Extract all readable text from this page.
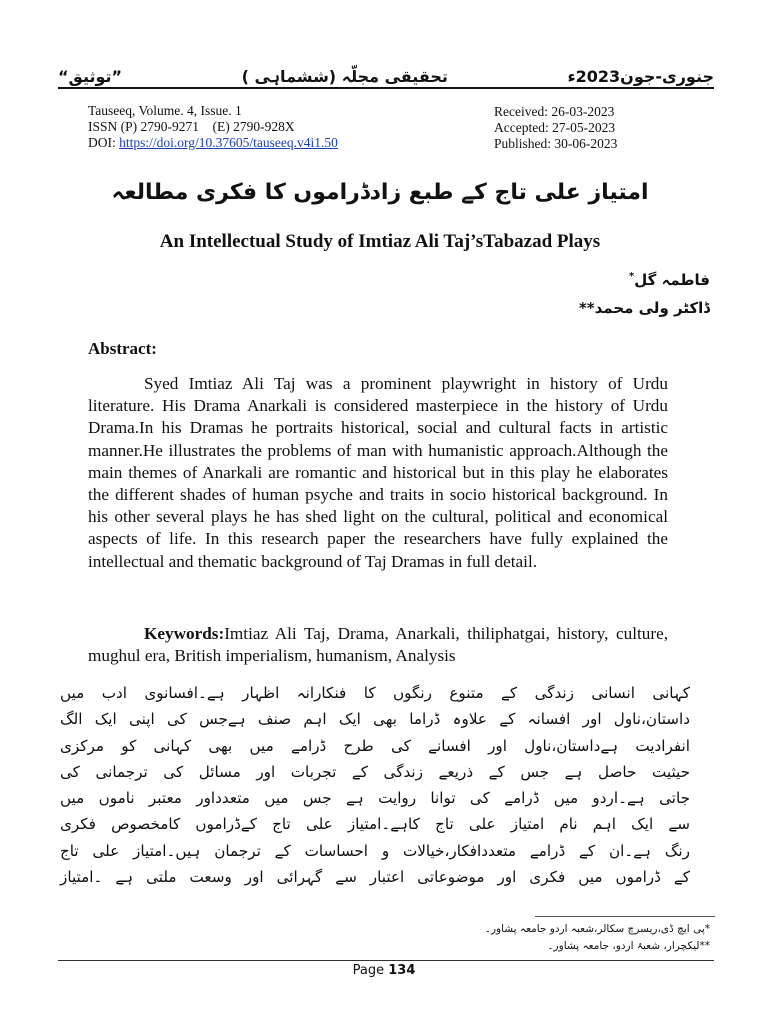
”توثیق“	تحقیقی مجلّہ (ششماہی )	جنوری-جون2023ء
Tauseeq, Volume. 4, Issue. 1
ISSN (P) 2790-9271    (E) 2790-928X
DOI: https://doi.org/10.37605/tauseeq.v4i1.50
Received: 26-03-2023
Accepted: 27-05-2023
Published: 30-06-2023
امتیاز علی تاج کے طبع زادڈراموں کا فکری مطالعہ
An Intellectual Study of Imtiaz Ali Taj’sTabazad Plays
فاطمہ گل*
ڈاکٹر ولی محمد**
Abstract:

Syed Imtiaz Ali Taj was a prominent playwright in history of Urdu literature. His Drama Anarkali is considered masterpiece in the history of Urdu Drama.In his Dramas he portraits historical, social and cultural facts in artistic manner.He illustrates the problems of man with humanistic approach.Although the main themes of Anarkali are romantic and historical but in this play he elaborates the different shades of human psyche and traits in socio historical background. In his other several plays he has shed light on the cultural, political and economical aspects of life. In this research paper the researchers have fully explained the intellectual and thematic background of Taj Dramas in full detail.

Keywords:Imtiaz Ali Taj, Drama, Anarkali, thiliphatgai, history, culture, mughul era, British imperialism, humanism, Analysis

کہانی انسانی زندگی کے متنوع رنگوں کا فنکارانہ اظہار ہے۔افسانوی ادب میں
داستان،ناول اور افسانہ کے علاوہ ڈراما بھی ایک اہم صنف ہےجس کی اپنی ایک الگ
انفرادیت ہےداستان،ناول اور افسانے کی طرح ڈرامے میں بھی کہانی کو مرکزی
حیثیت حاصل ہے جس کے ذریعے زندگی کے تجربات اور مسائل کی ترجمانی کی
جاتی ہے۔اردو میں ڈرامے کی توانا روایت ہے جس میں متعدداور معتبر ناموں میں
سے ایک اہم نام امتیاز علی تاج کاہے۔امتیاز علی تاج کےڈراموں کامخصوص فکری
رنگ ہے۔ان کے ڈرامے متعددافکار،خیالات و احساسات کے ترجمان ہیں۔امتیاز علی تاج
کے ڈراموں میں فکری اور موضوعاتی اعتبار سے گہرائی اور وسعت ملتی ہے ۔امتیاز
*پی ایچ ڈی،ریسرچ سکالر،شعبہ اردو جامعہ پشاور۔
**لیکچرار، شعبۂ اردو، جامعہ پشاور۔
Page 134
